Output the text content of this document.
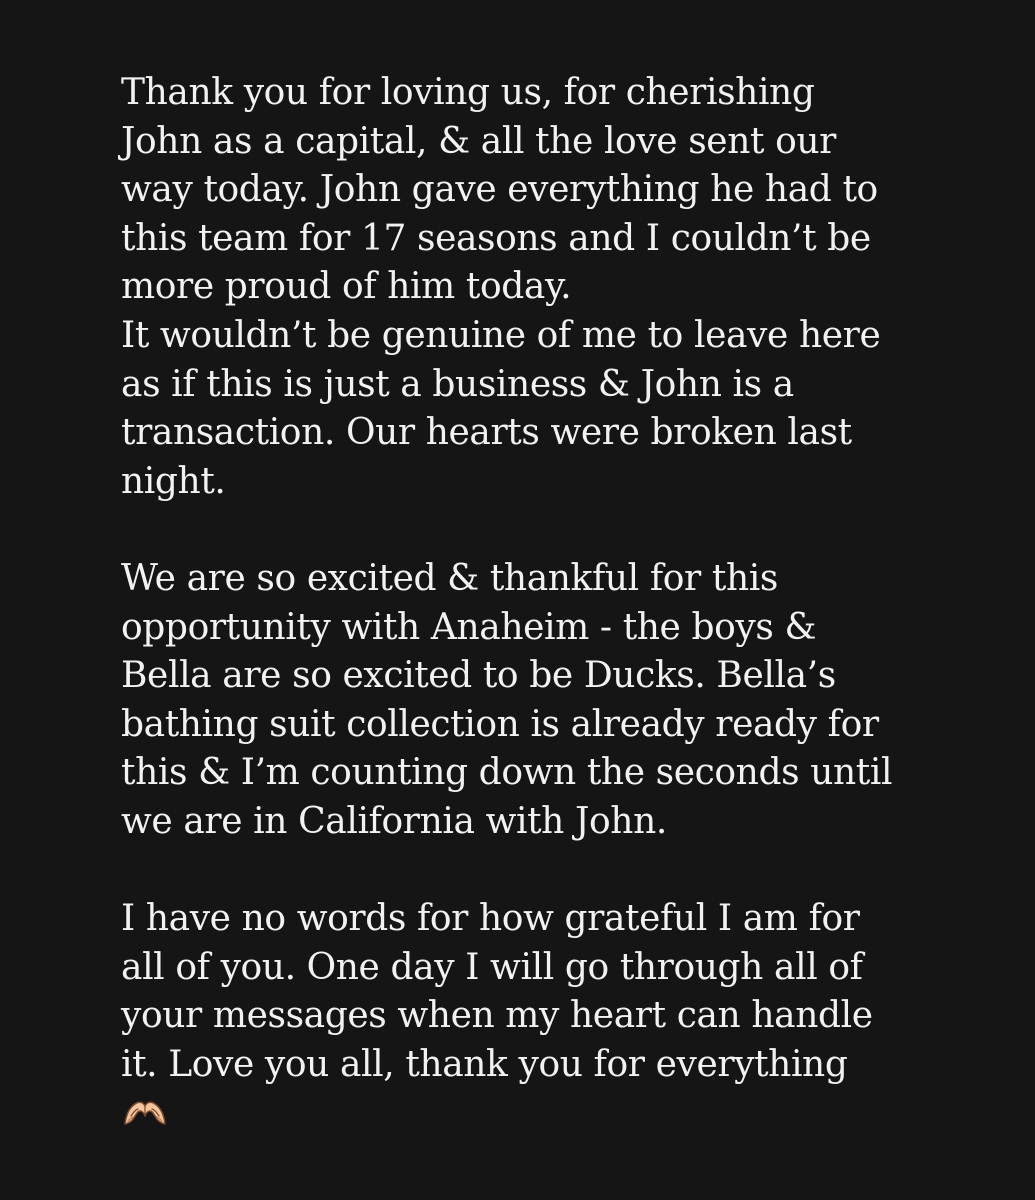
Thank you for loving us, for cherishing
John as a capital, & all the love sent our
way today. John gave everything he had to
this team for 17 seasons and I couldn’t be
more proud of him today.
It wouldn’t be genuine of me to leave here
as if this is just a business & John is a
transaction. Our hearts were broken last
night.
We are so excited & thankful for this
opportunity with Anaheim - the boys &
Bella are so excited to be Ducks. Bella’s
bathing suit collection is already ready for
this & I’m counting down the seconds until
we are in California with John.
I have no words for how grateful I am for
all of you. One day I will go through all of
your messages when my heart can handle
it. Love you all, thank you for everything
